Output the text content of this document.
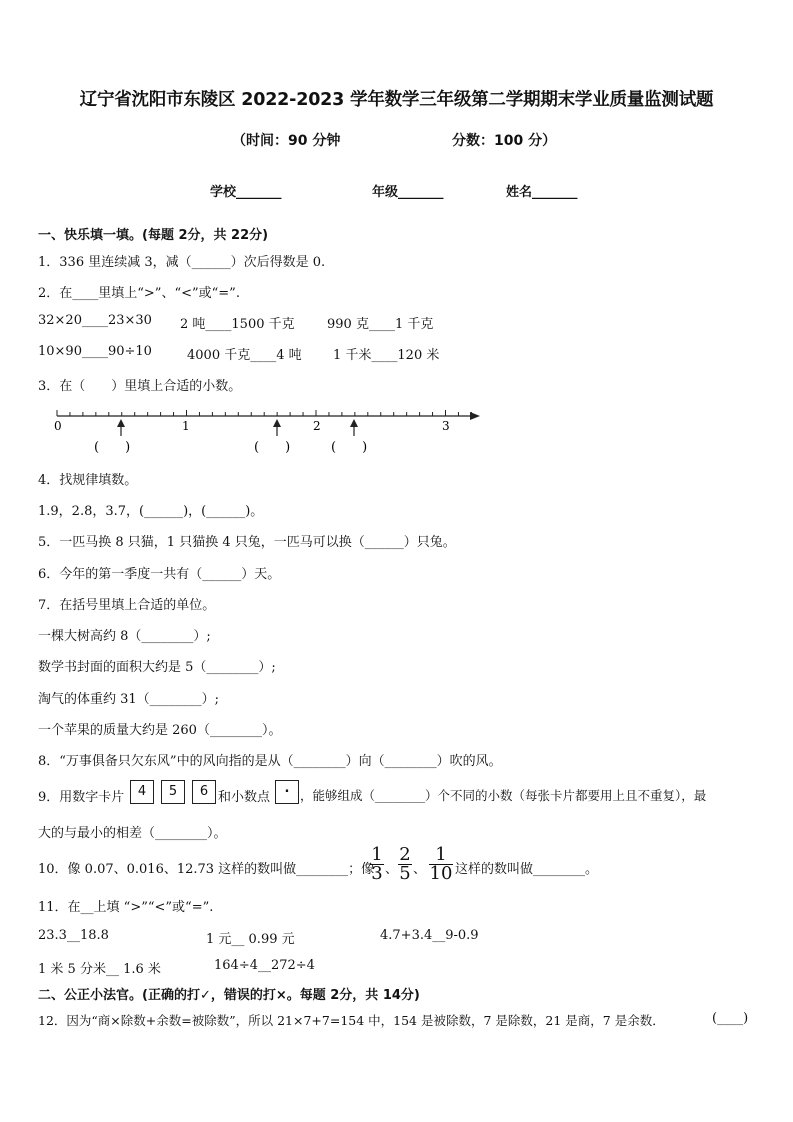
辽宁省沈阳市东陵区 2022-2023 学年数学三年级第二学期期末学业质量监测试题
（时间：90 分钟	分数：100 分）
学校_______	年级_______	姓名_______
一、快乐填一填。(每题 2分，共 22分)
1．336 里连续减 3，减（______）次后得数是 0.
2．在____里填上“>”、“<”或“=”.
32×20____23×30 2 吨____1500 千克 990 克____1 千克
10×90____90÷10	4000 千克____4 吨 1 千米____120 米
3．在（　　）里填上合适的小数。
0	1	2	3
(　　)	(　　)	(　　)
4．找规律填数。
1.9，2.8，3.7，(______)，(______)。
5．一匹马换 8 只猫，1 只猫换 4 只兔，一匹马可以换（______）只兔。
6．今年的第一季度一共有（______）天。
7．在括号里填上合适的单位。
一棵大树高约 8（________）;
数学书封面的面积大约是 5（________）;
淘气的体重约 31（________）;
一个苹果的质量大约是 260（________）。
8．“万事俱备只欠东风”中的风向指的是从（________）向（________）吹的风。
9．用数字卡片	4	5	6 和小数点
. ，能够组成（________）个不同的小数（每张卡片都要用上且不重复），最
大的与最小的相差（________）。
10．像 0.07、0.016、12.73 这样的数叫做________；像
$\frac{1}{3}$ 、 $\frac{2}{5}$ 、 $\frac{1}{10}$ 这样的数叫做________。
11．在__上填 “>”“<”或“=”.
23.3__18.8	1 元__ 0.99 元	4.7+3.4__9-0.9
1 米 5 分米__ 1.6 米	164÷4__272÷4
二、公正小法官。(正确的打✓，错误的打×。每题 2分，共 14分)
12．因为“商×除数+余数=被除数”，所以 21×7+7=154 中，154 是被除数，7 是除数，21 是商，7 是余数．	(____)
